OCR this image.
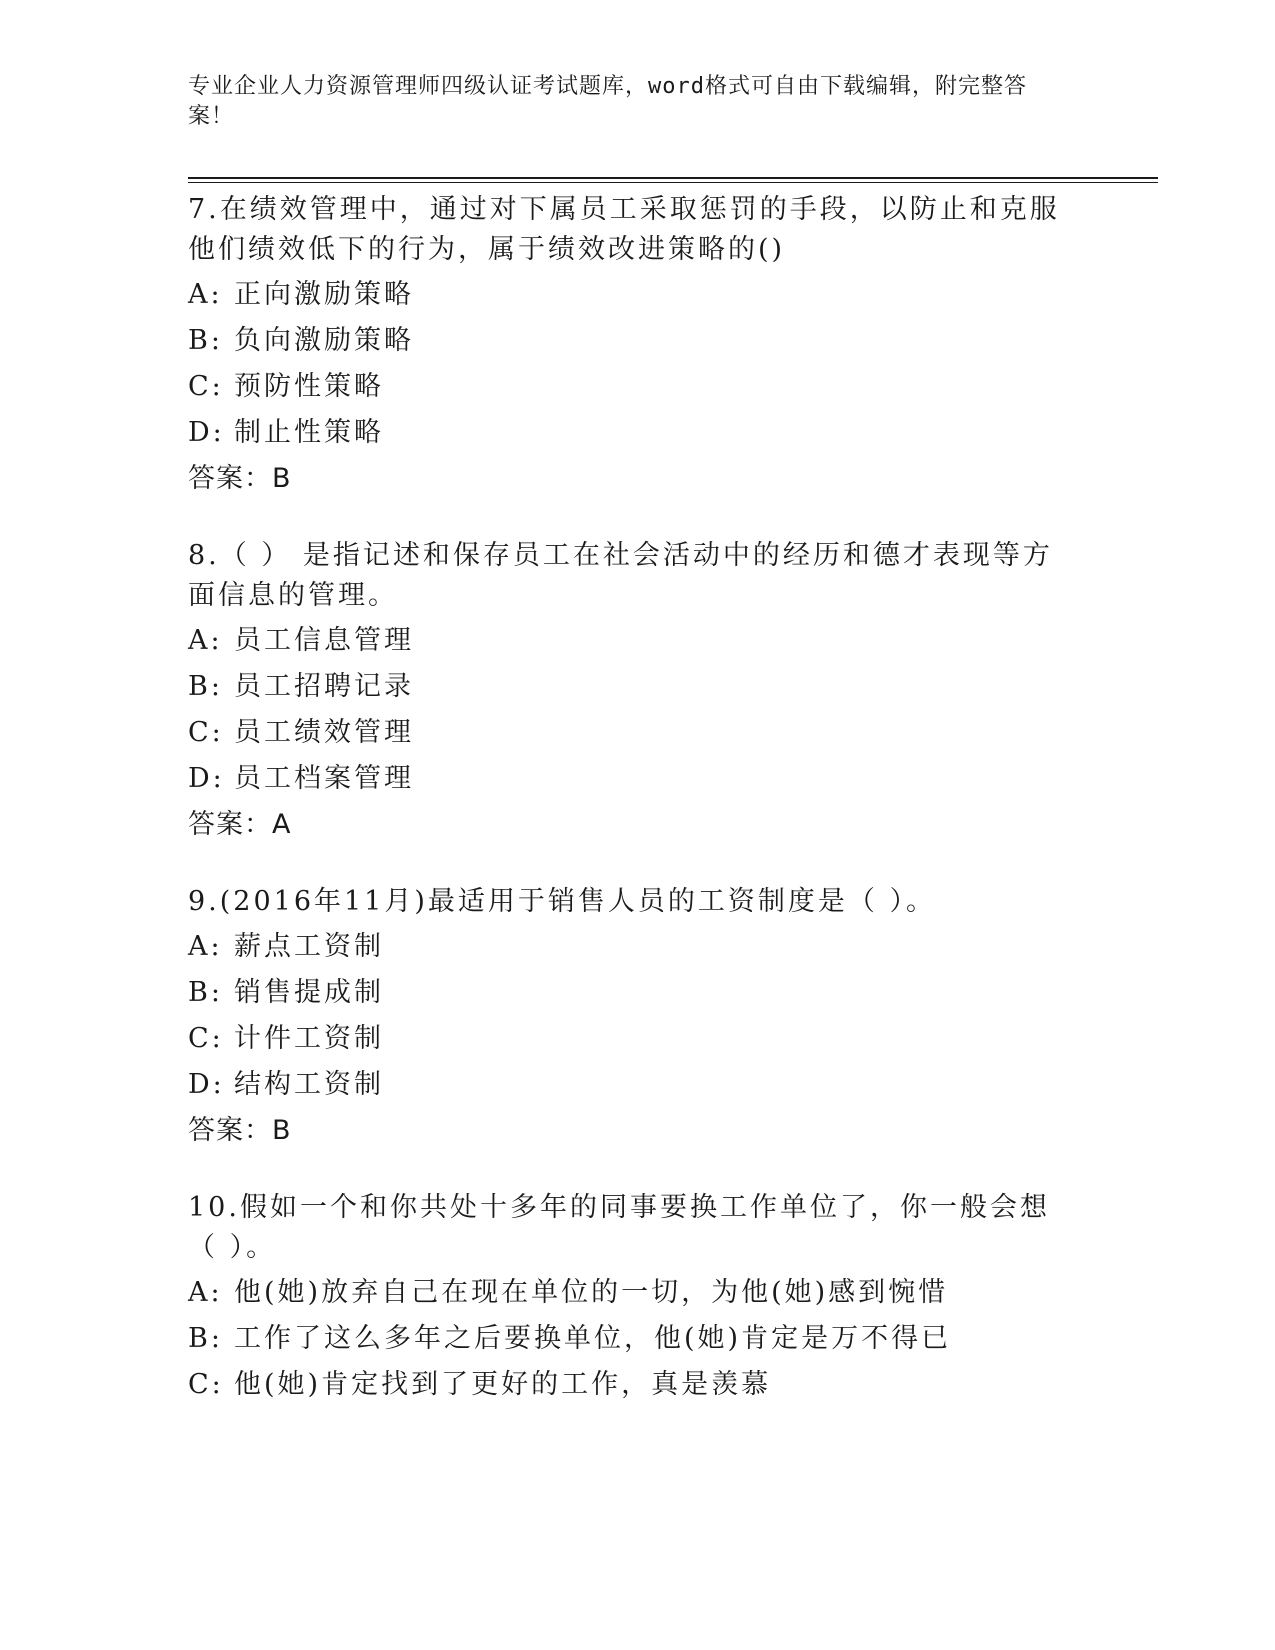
专业企业人力资源管理师四级认证考试题库，word格式可自由下载编辑，附完整答案！
7.在绩效管理中，通过对下属员工采取惩罚的手段，以防止和克服他们绩效低下的行为，属于绩效改进策略的()
A: 正向激励策略
B: 负向激励策略
C: 预防性策略
D: 制止性策略
答案：B
8.（ ） 是指记述和保存员工在社会活动中的经历和德才表现等方面信息的管理。
A: 员工信息管理
B: 员工招聘记录
C: 员工绩效管理
D: 员工档案管理
答案：A
9.(2016年11月)最适用于销售人员的工资制度是（ ）。
A: 薪点工资制
B: 销售提成制
C: 计件工资制
D: 结构工资制
答案：B
10.假如一个和你共处十多年的同事要换工作单位了，你一般会想（ ）。
A: 他(她)放弃自己在现在单位的一切，为他(她)感到惋惜
B: 工作了这么多年之后要换单位，他(她)肯定是万不得已
C: 他(她)肯定找到了更好的工作，真是羡慕
